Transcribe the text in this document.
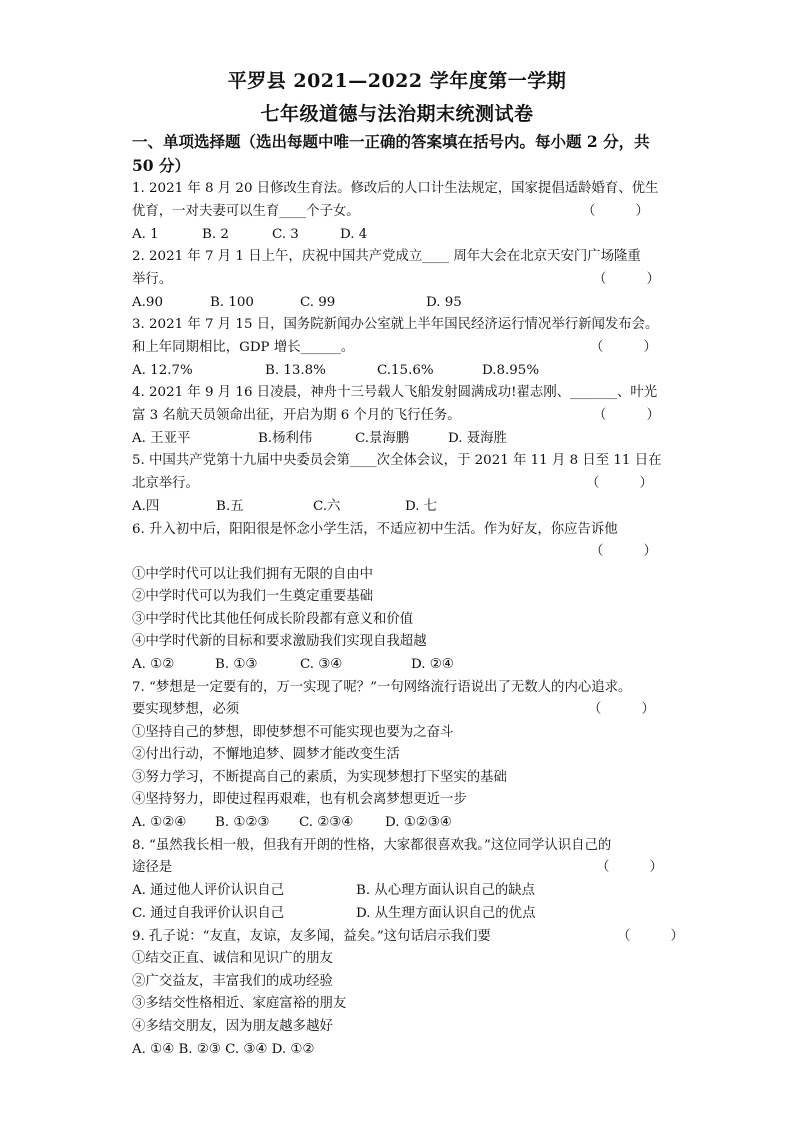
平罗县 2021—2022 学年度第一学期
七年级道德与法治期末统测试卷
一、单项选择题（选出每题中唯一正确的答案填在括号内。每小题 2 分，共
50 分）
1. 2021 年 8 月 20 日修改生育法。修改后的人口计生法规定，国家提倡适龄婚育、优生
优育，一对夫妻可以生育____个子女。	（　　　）
A. 1	B. 2	C. 3	D. 4
2. 2021 年 7 月 1 日上午，庆祝中国共产党成立____ 周年大会在北京天安门广场隆重
举行。	（　　　）
A.90	B. 100	C. 99	D. 95
3. 2021 年 7 月 15 日，国务院新闻办公室就上半年国民经济运行情况举行新闻发布会。
和上年同期相比，GDP 增长______。	（　　　）
A. 12.7%	B. 13.8%	C.15.6%	D.8.95%
4. 2021 年 9 月 16 日凌晨，神舟十三号载人飞船发射圆满成功!翟志刚、_______、叶光
富 3 名航天员领命出征，开启为期 6 个月的飞行任务。	（　　　）
A. 王亚平	B.杨利伟	C.景海鹏	D. 聂海胜
5. 中国共产党第十九届中央委员会第____次全体会议，于 2021 年 11 月 8 日至 11 日在
北京举行。	（　　　）
A.四	B.五	C.六	D. 七
6. 升入初中后，阳阳很是怀念小学生活，不适应初中生活。作为好友，你应告诉他
（　　　）
①中学时代可以让我们拥有无限的自由中
②中学时代可以为我们一生奠定重要基础
③中学时代比其他任何成长阶段都有意义和价值
④中学时代新的目标和要求激励我们实现自我超越
A. ①②	B. ①③	C. ③④	D. ②④
7. “梦想是一定要有的，万一实现了呢？”一句网络流行语说出了无数人的内心追求。
要实现梦想，必须	（　　　）
①坚持自己的梦想，即使梦想不可能实现也要为之奋斗
②付出行动，不懈地追梦、圆梦才能改变生活
③努力学习，不断提高自己的素质，为实现梦想打下坚实的基础
④坚持努力，即使过程再艰难，也有机会离梦想更近一步
A. ①②④ B. ①②③ C. ②③④ D. ①②③④
8. “虽然我长相一般，但我有开朗的性格，大家都很喜欢我。”这位同学认识自己的
途径是	（　　　）
A. 通过他人评价认识自己	B. 从心理方面认识自己的缺点
C. 通过自我评价认识自己	D. 从生理方面认识自己的优点
9. 孔子说：“友直，友谅，友多闻，益矣。”这句话启示我们要	（　　　）
①结交正直、诚信和见识广的朋友
②广交益友，丰富我们的成功经验
③多结交性格相近、家庭富裕的朋友
④多结交朋友，因为朋友越多越好
A. ①④ B. ②③ C. ③④ D. ①②
